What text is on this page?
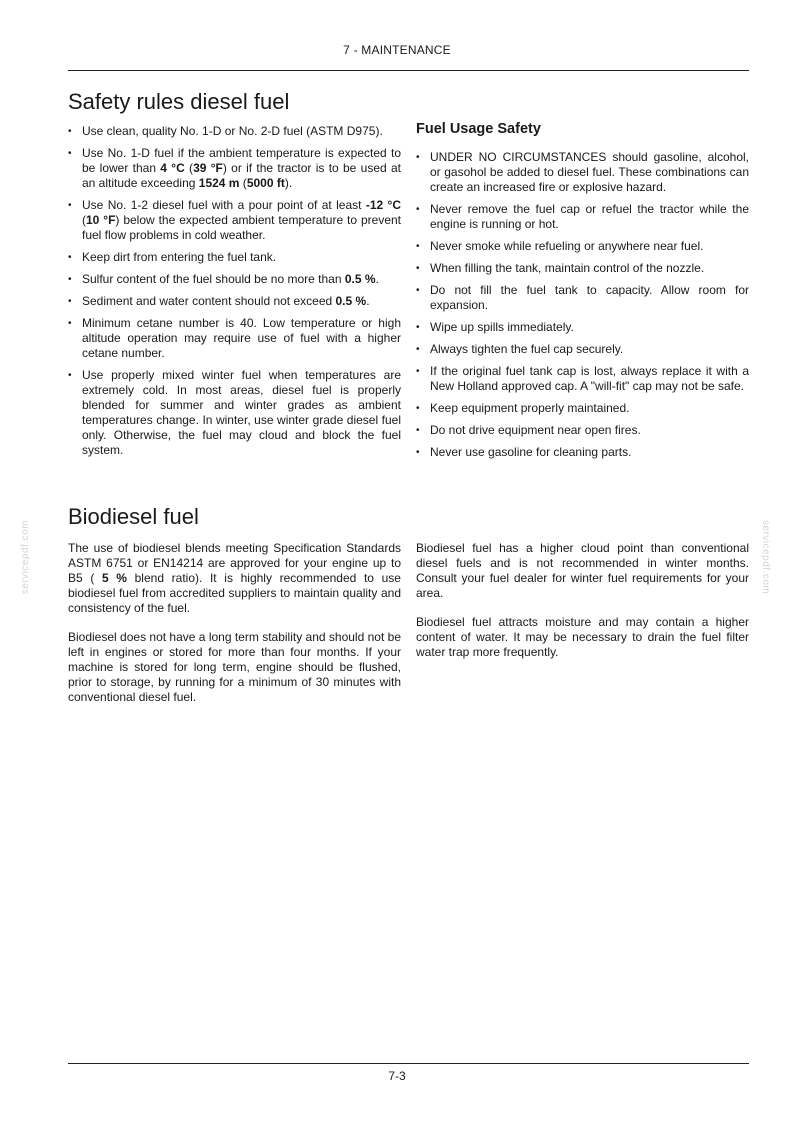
7 - MAINTENANCE
Safety rules diesel fuel
• Use clean, quality No. 1-D or No. 2-D fuel (ASTM D975).
• Use No. 1-D fuel if the ambient temperature is expected to be lower than 4 °C (39 °F) or if the tractor is to be used at an altitude exceeding 1524 m (5000 ft).
• Use No. 1-2 diesel fuel with a pour point of at least -12 °C (10 °F) below the expected ambient temperature to prevent fuel flow problems in cold weather.
• Keep dirt from entering the fuel tank.
• Sulfur content of the fuel should be no more than 0.5 %.
• Sediment and water content should not exceed 0.5 %.
• Minimum cetane number is 40. Low temperature or high altitude operation may require use of fuel with a higher cetane number.
• Use properly mixed winter fuel when temperatures are extremely cold. In most areas, diesel fuel is properly blended for summer and winter grades as ambient temperatures change. In winter, use winter grade diesel fuel only. Otherwise, the fuel may cloud and block the fuel system.
Fuel Usage Safety
• UNDER NO CIRCUMSTANCES should gasoline, alcohol, or gasohol be added to diesel fuel. These combinations can create an increased fire or explosive hazard.
• Never remove the fuel cap or refuel the tractor while the engine is running or hot.
• Never smoke while refueling or anywhere near fuel.
• When filling the tank, maintain control of the nozzle.
• Do not fill the fuel tank to capacity. Allow room for expansion.
• Wipe up spills immediately.
• Always tighten the fuel cap securely.
• If the original fuel tank cap is lost, always replace it with a New Holland approved cap. A "will-fit" cap may not be safe.
• Keep equipment properly maintained.
• Do not drive equipment near open fires.
• Never use gasoline for cleaning parts.
Biodiesel fuel

The use of biodiesel blends meeting Specification Standards ASTM 6751 or EN14214 are approved for your engine up to B5 ( 5 % blend ratio). It is highly recommended to use biodiesel fuel from accredited suppliers to maintain quality and consistency of the fuel.

Biodiesel does not have a long term stability and should not be left in engines or stored for more than four months. If your machine is stored for long term, engine should be flushed, prior to storage, by running for a minimum of 30 minutes with conventional diesel fuel.

Biodiesel fuel has a higher cloud point than conventional diesel fuels and is not recommended in winter months. Consult your fuel dealer for winter fuel requirements for your area.

Biodiesel fuel attracts moisture and may contain a higher content of water. It may be necessary to drain the fuel filter water trap more frequently.

servicepdf.com	servicepdf.com
7-3
